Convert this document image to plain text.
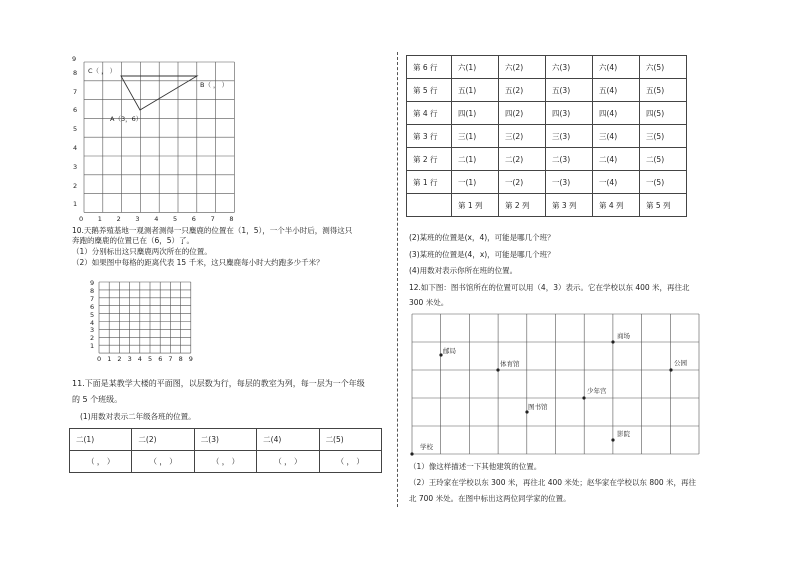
9
8
7
6
5
4
3
2
1
0 1 2 3 4 5 6 7 8
C（ ， ）
B（ ， ）
A（3，6）
10.天鹅养殖基地一观测者测得一只麋鹿的位置在（1，5），一个半小时后，测得这只
奔跑的麋鹿的位置已在（6，5）了。
（1）分别标出这只麋鹿两次所在的位置。
（2）如果图中每格的距离代表 15 千米，这只麋鹿每小时大约跑多少千米？
9
8
7
6
5
4
3
2
1
0 1 2 3 4 5 6 7 8 9
11.下面是某教学大楼的平面图，以层数为行，每层的教室为列，每一层为一个年级
的 5 个班级。
(1)用数对表示二年级各班的位置。
二(1)	二(2)	二(3)	二(4)	二(5)
（ ， ）	（ ， ）	（ ， ）	（ ， ）	（ ， ）
第 6 行	六(1)	六(2)	六(3)	六(4)	六(5)
第 5 行	五(1)	五(2)	五(3)	五(4)	五(5)
第 4 行	四(1)	四(2)	四(3)	四(4)	四(5)
第 3 行	三(1)	三(2)	三(3)	三(4)	三(5)
第 2 行	二(1)	二(2)	二(3)	二(4)	二(5)
第 1 行	一(1)	一(2)	一(3)	一(4)	一(5)
	第 1 列	第 2 列	第 3 列	第 4 列	第 5 列
(2)某班的位置是(x，4)，可能是哪几个班？
(3)某班的位置是(4，x)，可能是哪几个班？
(4)用数对表示你所在班的位置。
12.如下图：图书馆所在的位置可以用（4，3）表示。它在学校以东 400 米，再往北
300 米处。
邮局
体育馆
商场
公园
少年宫
图书馆
影院
学校
（1）像这样描述一下其他建筑的位置。
（2）王玲家在学校以东 300 米，再往北 400 米处；赵华家在学校以东 800 米，再往
北 700 米处。在图中标出这两位同学家的位置。
